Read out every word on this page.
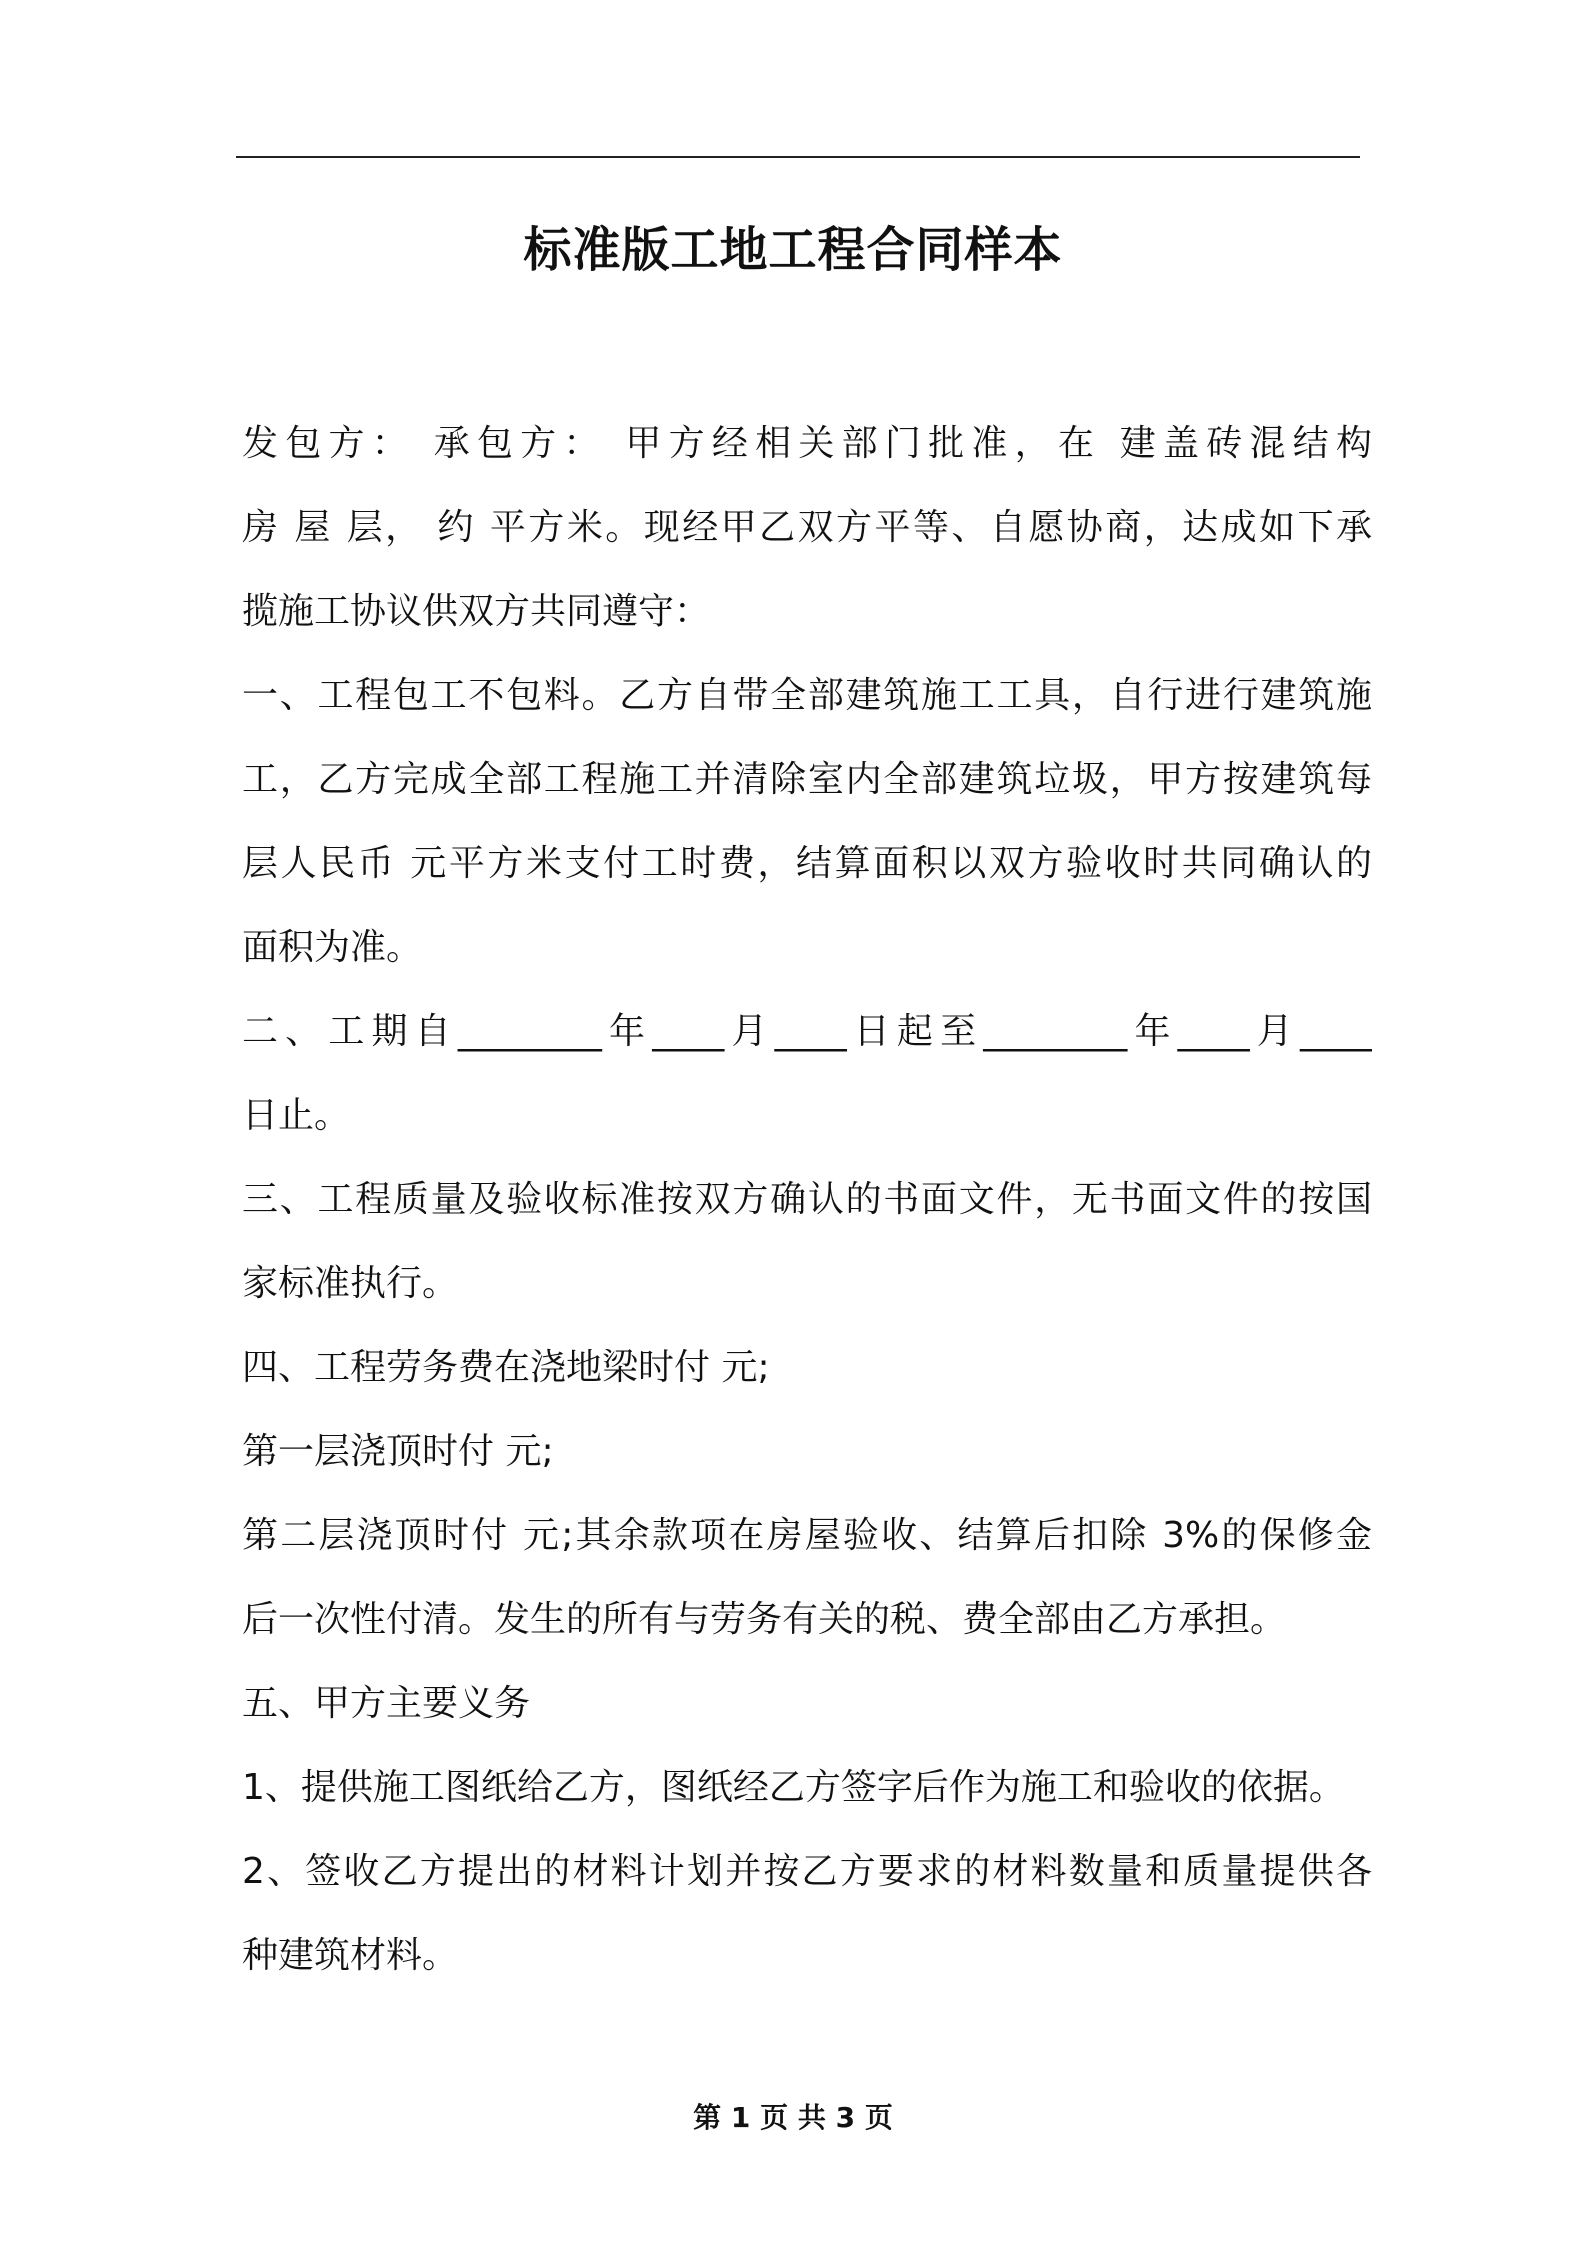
标准版工地工程合同样本
发包方： 承包方： 甲方经相关部门批准，在 建盖砖混结构
房 屋 层， 约 平方米。现经甲乙双方平等、自愿协商，达成如下承
揽施工协议供双方共同遵守：
一、工程包工不包料。乙方自带全部建筑施工工具，自行进行建筑施
工，乙方完成全部工程施工并清除室内全部建筑垃圾，甲方按建筑每
层人民币 元平方米支付工时费，结算面积以双方验收时共同确认的
面积为准。
二、工期自________年____月____日起至________年____月____
日止。
三、工程质量及验收标准按双方确认的书面文件，无书面文件的按国
家标准执行。
四、工程劳务费在浇地梁时付 元;
第一层浇顶时付 元;
第二层浇顶时付 元;其余款项在房屋验收、结算后扣除 3%的保修金
后一次性付清。发生的所有与劳务有关的税、费全部由乙方承担。
五、甲方主要义务
1、提供施工图纸给乙方，图纸经乙方签字后作为施工和验收的依据。
2、签收乙方提出的材料计划并按乙方要求的材料数量和质量提供各
种建筑材料。
第 1 页 共 3 页
